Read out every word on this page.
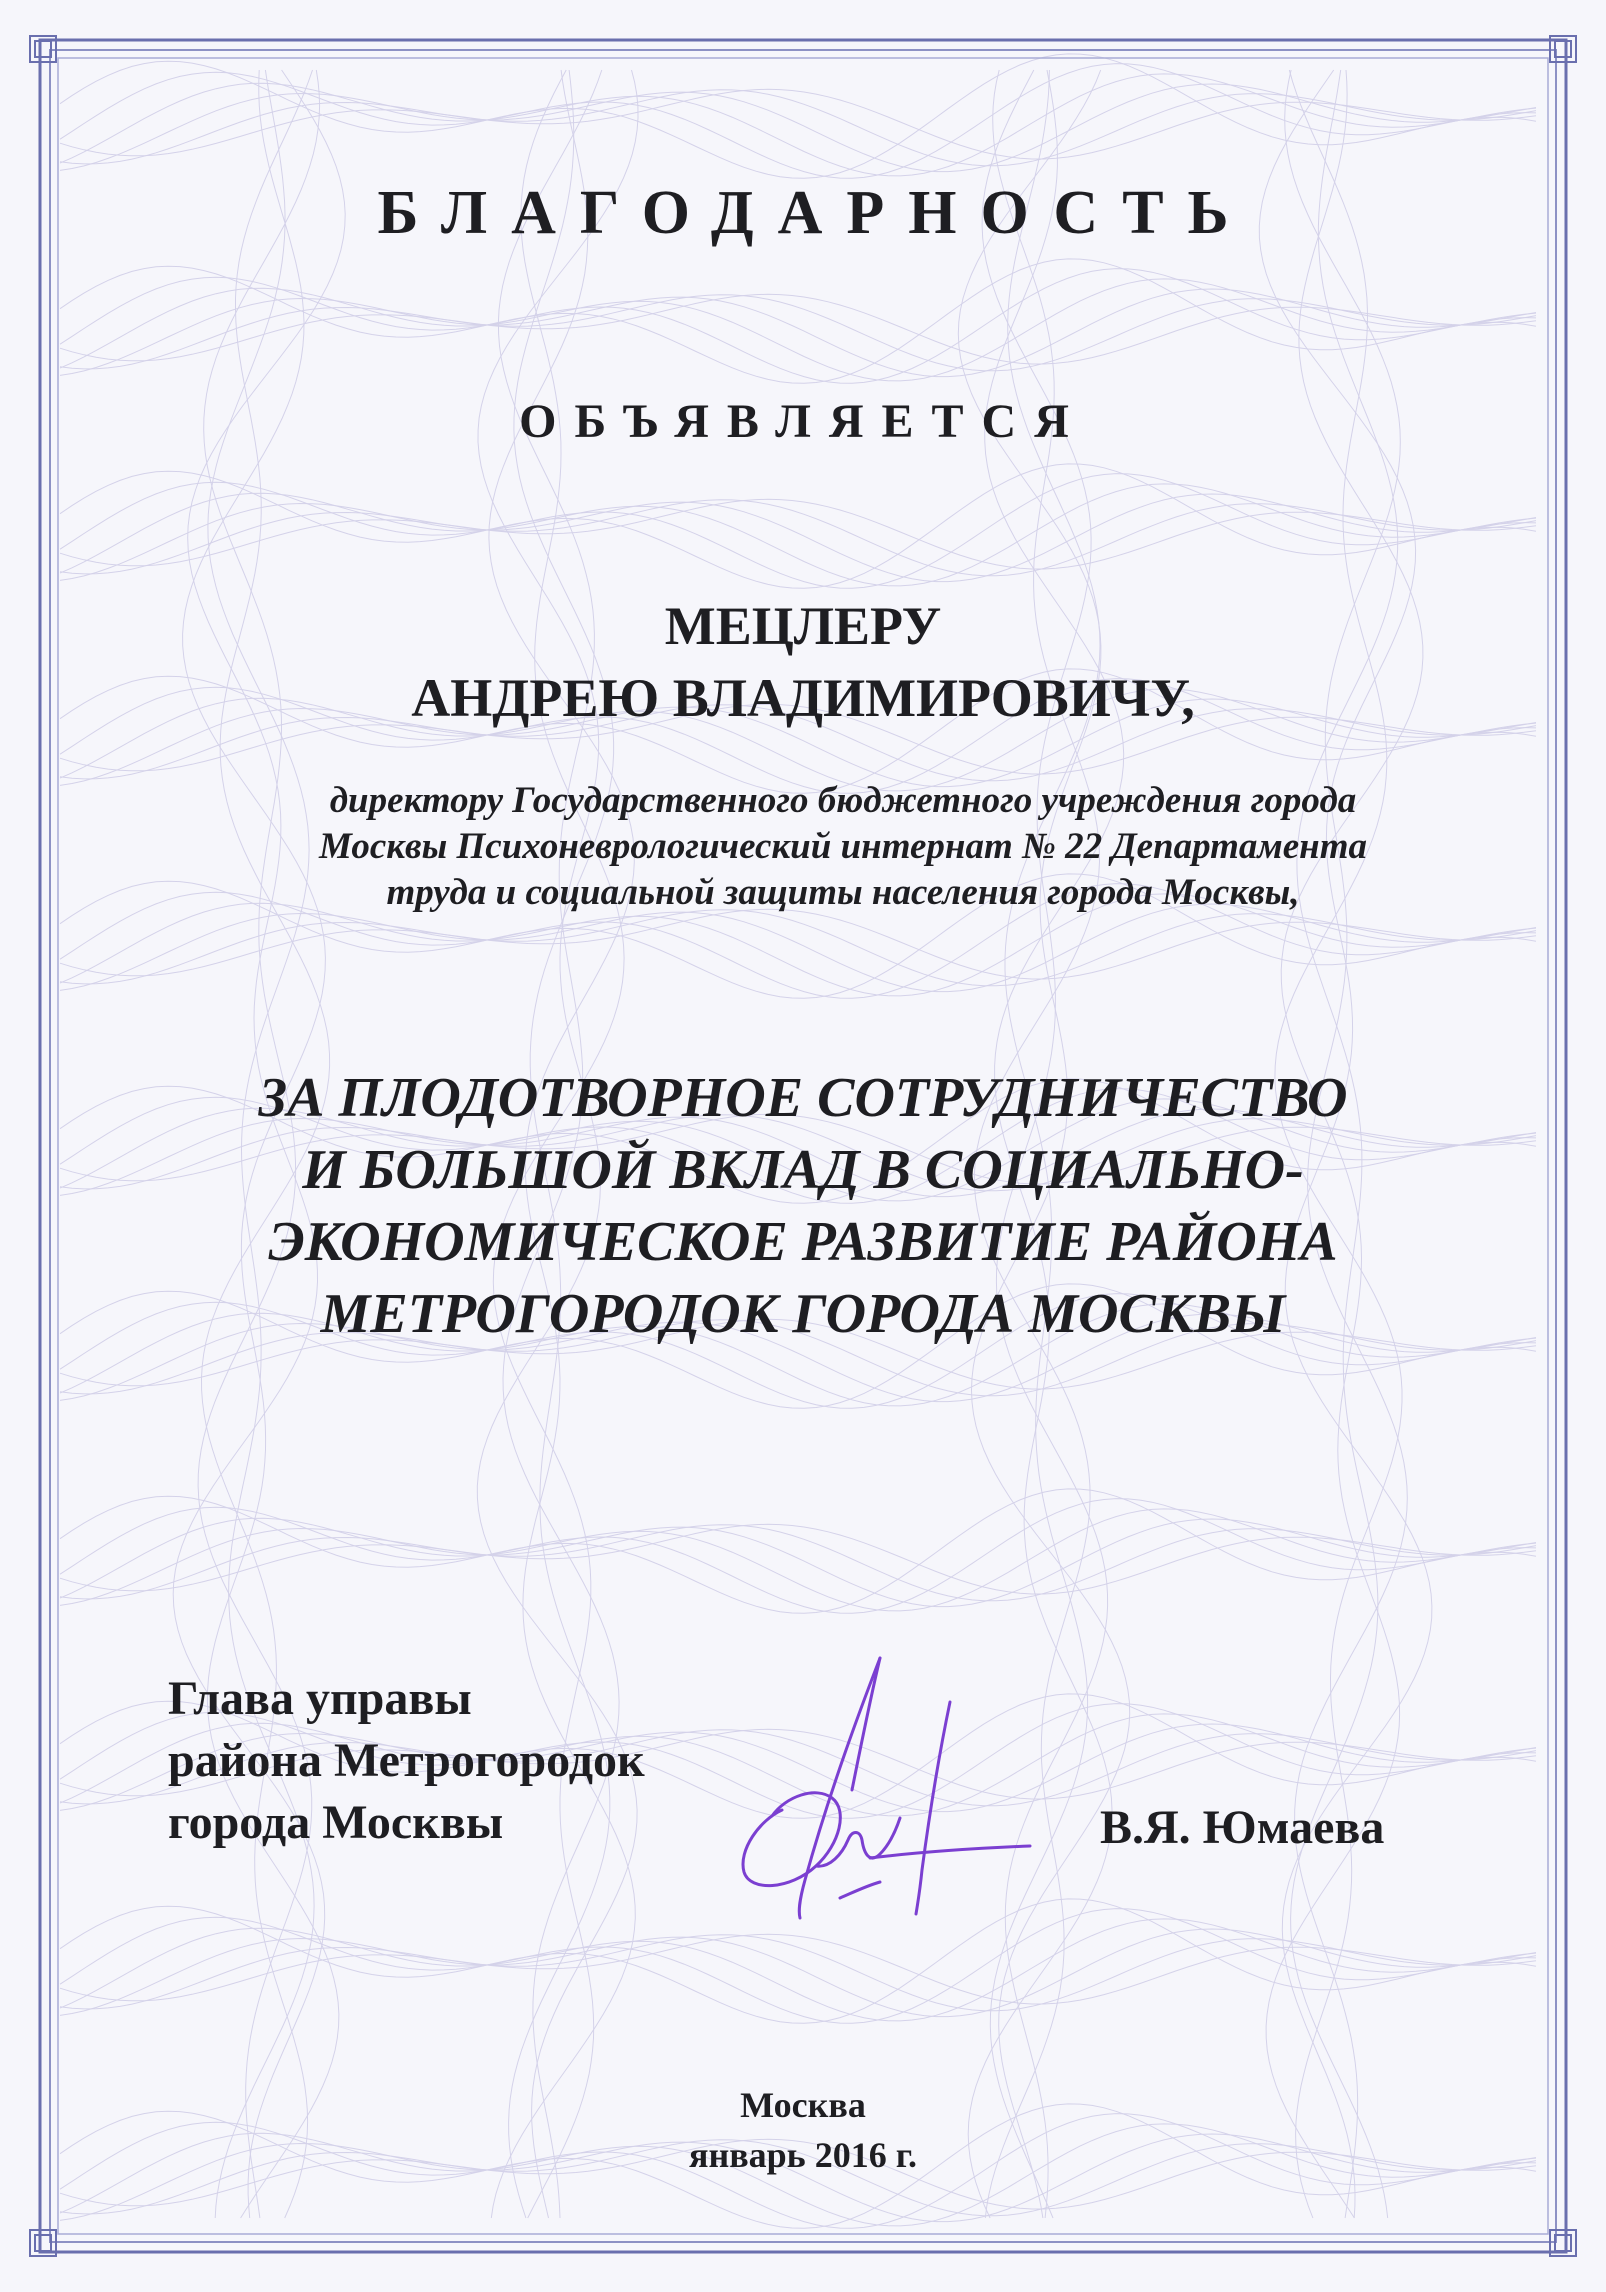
БЛАГОДАРНОСТЬ
ОБЪЯВЛЯЕТСЯ
МЕЦЛЕРУ
АНДРЕЮ ВЛАДИМИРОВИЧУ,
директору Государственного бюджетного учреждения города
Москвы Психоневрологический интернат № 22 Департамента
труда и социальной защиты населения города Москвы,
ЗА ПЛОДОТВОРНОЕ СОТРУДНИЧЕСТВО
И БОЛЬШОЙ ВКЛАД В СОЦИАЛЬНО-
ЭКОНОМИЧЕСКОЕ РАЗВИТИЕ РАЙОНА
МЕТРОГОРОДОК ГОРОДА МОСКВЫ
Глава управы
района Метрогородок
города Москвы	В.Я. Юмаева
Москва
январь 2016 г.
